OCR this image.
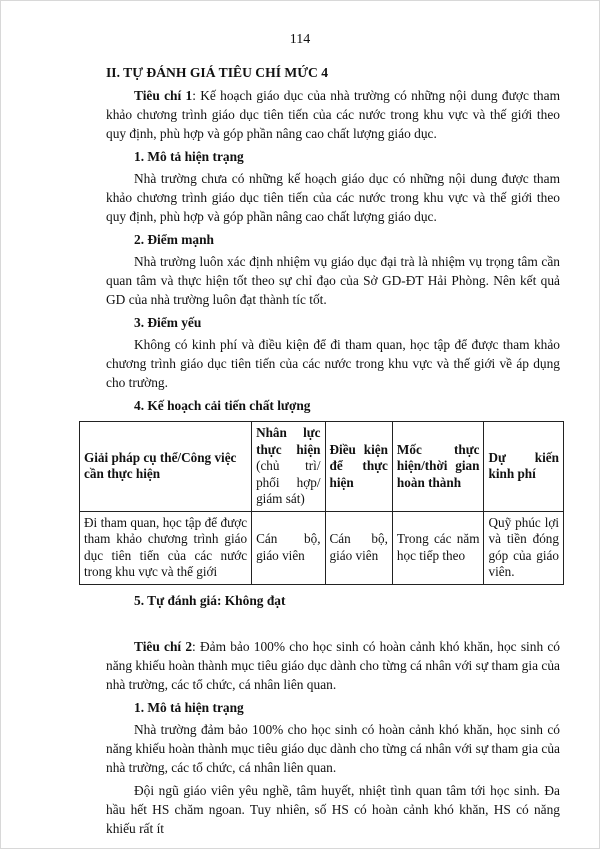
114
II. TỰ ĐÁNH GIÁ TIÊU CHÍ MỨC 4

Tiêu chí 1: Kế hoạch giáo dục của nhà trường có những nội dung được tham khảo chương trình giáo dục tiên tiến của các nước trong khu vực và thế giới theo quy định, phù hợp và góp phần nâng cao chất lượng giáo dục.

1. Mô tả hiện trạng

Nhà trường chưa có những kế hoạch giáo dục có những nội dung được tham khảo chương trình giáo dục tiên tiến của các nước trong khu vực và thế giới theo quy định, phù hợp và góp phần nâng cao chất lượng giáo dục.

2. Điểm mạnh

Nhà trường luôn xác định nhiệm vụ giáo dục đại trà là nhiệm vụ trọng tâm cần quan tâm và thực hiện tốt theo sự chỉ đạo của Sở GD-ĐT Hải Phòng. Nên kết quả GD của nhà trường luôn đạt thành tíc tốt.

3. Điểm yếu

Không có kinh phí và điều kiện để đi tham quan, học tập để được tham khảo chương trình giáo dục tiên tiến của các nước trong khu vực và thế giới về áp dụng cho trường.

4. Kế hoạch cải tiến chất lượng

Giải pháp cụ thể/Công việc cần thực hiện	Nhân lực thực hiện (chủ trì/ phối hợp/ giám sát)	Điều kiện để thực hiện	Mốc thực hiện/thời gian hoàn thành	Dự kiến kinh phí
Đi tham quan, học tập để được tham khảo chương trình giáo dục tiên tiến của các nước trong khu vực và thế giới	Cán bộ, giáo viên	Cán bộ, giáo viên	Trong các năm học tiếp theo	Quỹ phúc lợi và tiền đóng góp của giáo viên.

5. Tự đánh giá: Không đạt

Tiêu chí 2: Đảm bảo 100% cho học sinh có hoàn cảnh khó khăn, học sinh có năng khiếu hoàn thành mục tiêu giáo dục dành cho từng cá nhân với sự tham gia của nhà trường, các tổ chức, cá nhân liên quan.

1. Mô tả hiện trạng

Nhà trường đảm bảo 100% cho học sinh có hoàn cảnh khó khăn, học sinh có năng khiếu hoàn thành mục tiêu giáo dục dành cho từng cá nhân với sự tham gia của nhà trường, các tổ chức, cá nhân liên quan.

Đội ngũ giáo viên yêu nghề, tâm huyết, nhiệt tình quan tâm tới học sinh. Đa hầu hết HS chăm ngoan. Tuy nhiên, số HS có hoàn cảnh khó khăn, HS có năng khiếu rất ít
